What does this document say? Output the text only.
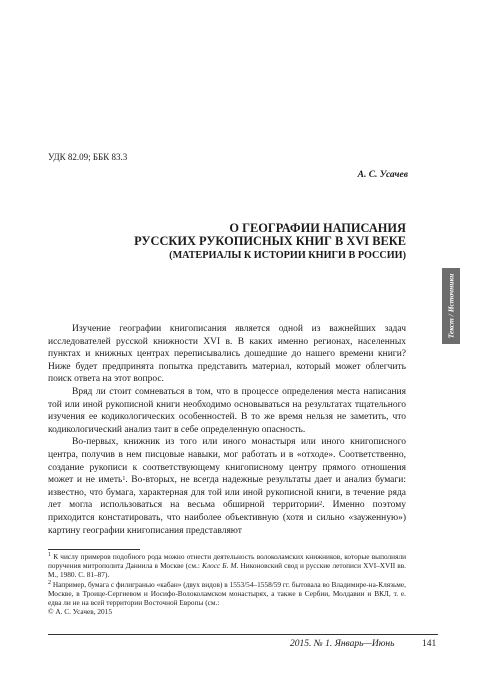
УДК 82.09; ББК 83.3
А. С. Усачев
О ГЕОГРАФИИ НАПИСАНИЯ
РУССКИХ РУКОПИСНЫХ КНИГ В XVI ВЕКЕ
(МАТЕРИАЛЫ К ИСТОРИИ КНИГИ В РОССИИ)
Текст / Источники

Изучение географии книгописания является одной из важнейших задач исследователей русской книжности XVI в. В каких именно регионах, населенных пунктах и книжных центрах переписывались дошедшие до нашего времени книги? Ниже будет предпринята попытка представить материал, который может облегчить поиск ответа на этот вопрос.

Вряд ли стоит сомневаться в том, что в процессе определения места написания той или иной рукописной книги необходимо основываться на результатах тщательного изучения ее кодикологических особенностей. В то же время нельзя не заметить, что кодикологический анализ таит в себе определенную опасность.

Во-первых, книжник из того или иного монастыря или иного книгописного центра, получив в нем писцовые навыки, мог работать и в «отходе». Соответственно, создание рукописи к соответствующему книгописному центру прямого отношения может и не иметь$^1$. Во-вторых, не всегда надежные результаты дает и анализ бумаги: известно, что бумага, характерная для той или иной рукописной книги, в течение ряда лет могла использоваться на весьма обширной территории$^2$. Именно поэтому приходится констатировать, что наиболее объективную (хотя и сильно «зауженную») картину географии книгописания представляют

$^1$ К числу примеров подобного рода можно отнести деятельность волоколамских книжников, которые выполняли поручения митрополита Даниила в Москве (см.: Клосс Б. М. Никоновский свод и русские летописи XVI–XVII вв. М., 1980. С. 81–87).

$^2$ Например, бумага с филигранью «кабан» (двух видов) в 1553/54–1558/59 гг. бытовала во Владимире-на-Клязьме, Москве, в Троице-Сергиевом и Иосифо-Волоколамском монастырях, а также в Сербии, Молдавии и ВКЛ, т. е. едва ли не на всей территории Восточной Европы (см.:

© А. С. Усачев, 2015

2015. № 1. Январь—Июнь	141
